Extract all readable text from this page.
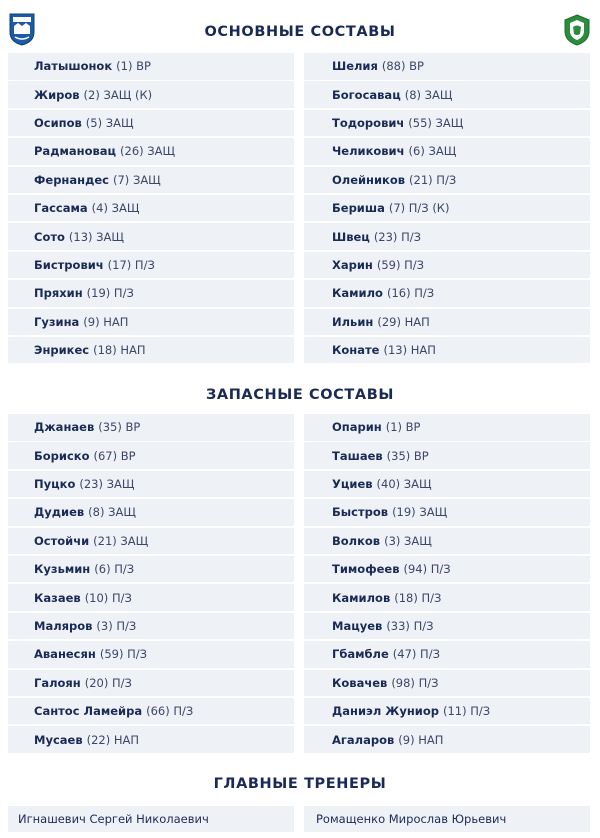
ОСНОВНЫЕ СОСТАВЫ
Латышонок (1) ВР
Жиров (2) ЗАЩ (К)
Осипов (5) ЗАЩ
Радмановац (26) ЗАЩ
Фернандес (7) ЗАЩ
Гассама (4) ЗАЩ
Сото (13) ЗАЩ
Бистрович (17) П/З
Пряхин (19) П/З
Гузина (9) НАП
Энрикес (18) НАП
Шелия (88) ВР
Богосавац (8) ЗАЩ
Тодорович (55) ЗАЩ
Челикович (6) ЗАЩ
Олейников (21) П/З
Бериша (7) П/З (К)
Швец (23) П/З
Харин (59) П/З
Камило (16) П/З
Ильин (29) НАП
Конате (13) НАП
ЗАПАСНЫЕ СОСТАВЫ
Джанаев (35) ВР
Бориско (67) ВР
Пуцко (23) ЗАЩ
Дудиев (8) ЗАЩ
Остойчи (21) ЗАЩ
Кузьмин (6) П/З
Казаев (10) П/З
Маляров (3) П/З
Аванесян (59) П/З
Галоян (20) П/З
Сантос Ламейра (66) П/З
Мусаев (22) НАП
Опарин (1) ВР
Ташаев (35) ВР
Уциев (40) ЗАЩ
Быстров (19) ЗАЩ
Волков (3) ЗАЩ
Тимофеев (94) П/З
Камилов (18) П/З
Мацуев (33) П/З
Гбамбле (47) П/З
Ковачев (98) П/З
Даниэл Жуниор (11) П/З
Агаларов (9) НАП
ГЛАВНЫЕ ТРЕНЕРЫ
Игнашевич Сергей Николаевич	Ромащенко Мирослав Юрьевич
